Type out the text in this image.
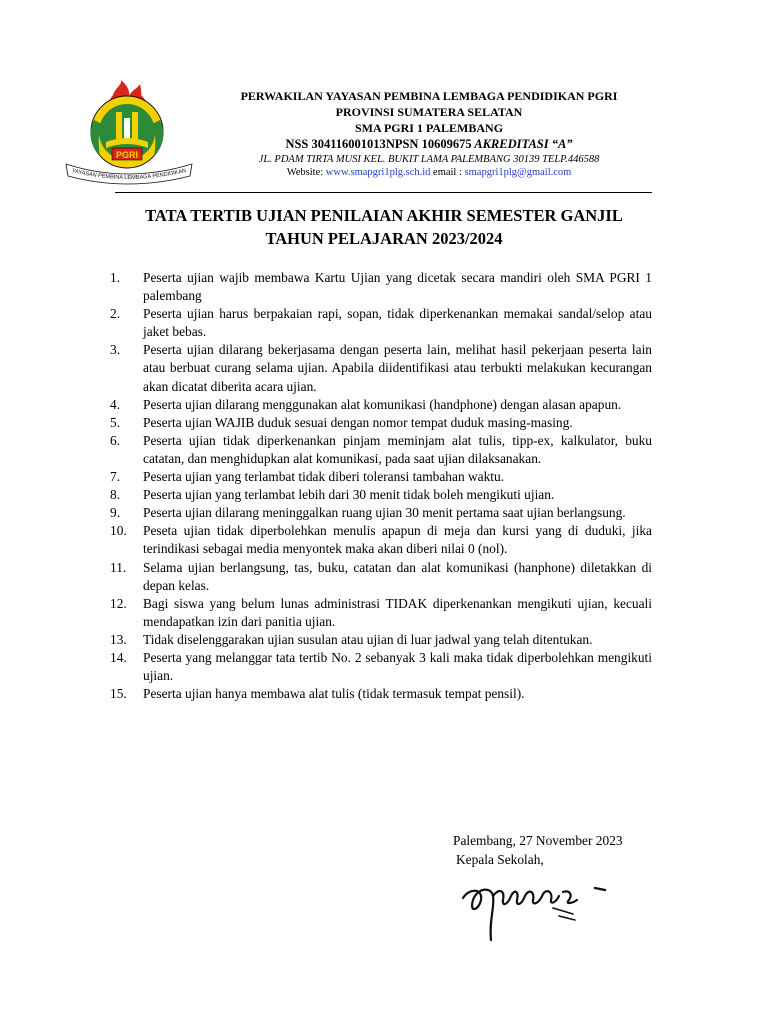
PGRI
YAYASAN PEMBINA LEMBAGA PENDIDIKAN
PERWAKILAN YAYASAN PEMBINA LEMBAGA PENDIDIKAN PGRI
PROVINSI SUMATERA SELATAN
SMA PGRI 1 PALEMBANG
NSS 304116001013NPSN 10609675 AKREDITASI “A”
JL. PDAM TIRTA MUSI KEL. BUKIT LAMA PALEMBANG 30139 TELP.446588
Website: www.smapgri1plg.sch.id email : smapgri1plg@gmail.com
TATA TERTIB UJIAN PENILAIAN AKHIR SEMESTER GANJIL
TAHUN PELAJARAN 2023/2024
1.	Peserta ujian wajib membawa Kartu Ujian yang dicetak secara mandiri oleh SMA PGRI 1 palembang
2.	Peserta ujian harus berpakaian rapi, sopan, tidak diperkenankan memakai sandal/selop atau jaket bebas.
3.	Peserta ujian dilarang bekerjasama dengan peserta lain, melihat hasil pekerjaan peserta lain atau berbuat curang selama ujian. Apabila diidentifikasi atau terbukti melakukan kecurangan akan dicatat diberita acara ujian.
4.	Peserta ujian dilarang menggunakan alat komunikasi (handphone) dengan alasan apapun.
5.	Peserta ujian WAJIB duduk sesuai dengan nomor tempat duduk masing-masing.
6.	Peserta ujian tidak diperkenankan pinjam meminjam alat tulis, tipp-ex, kalkulator, buku catatan, dan menghidupkan alat komunikasi, pada saat ujian dilaksanakan.
7.	Peserta ujian yang terlambat tidak diberi toleransi tambahan waktu.
8.	Peserta ujian yang terlambat lebih dari 30 menit tidak boleh mengikuti ujian.
9.	Peserta ujian dilarang meninggalkan ruang ujian 30 menit pertama saat ujian berlangsung.
10.	Peseta ujian tidak diperbolehkan menulis apapun di meja dan kursi yang di duduki, jika terindikasi sebagai media menyontek maka akan diberi nilai 0 (nol).
11.	Selama ujian berlangsung, tas, buku, catatan dan alat komunikasi (hanphone) diletakkan di depan kelas.
12.	Bagi siswa yang belum lunas administrasi TIDAK diperkenankan mengikuti ujian, kecuali mendapatkan izin dari panitia ujian.
13.	Tidak diselenggarakan ujian susulan atau ujian di luar jadwal yang telah ditentukan.
14.	Peserta yang melanggar tata tertib No. 2 sebanyak 3 kali maka tidak diperbolehkan mengikuti ujian.
15.	Peserta ujian hanya membawa alat tulis (tidak termasuk tempat pensil).
Palembang, 27 November 2023
Kepala Sekolah,
